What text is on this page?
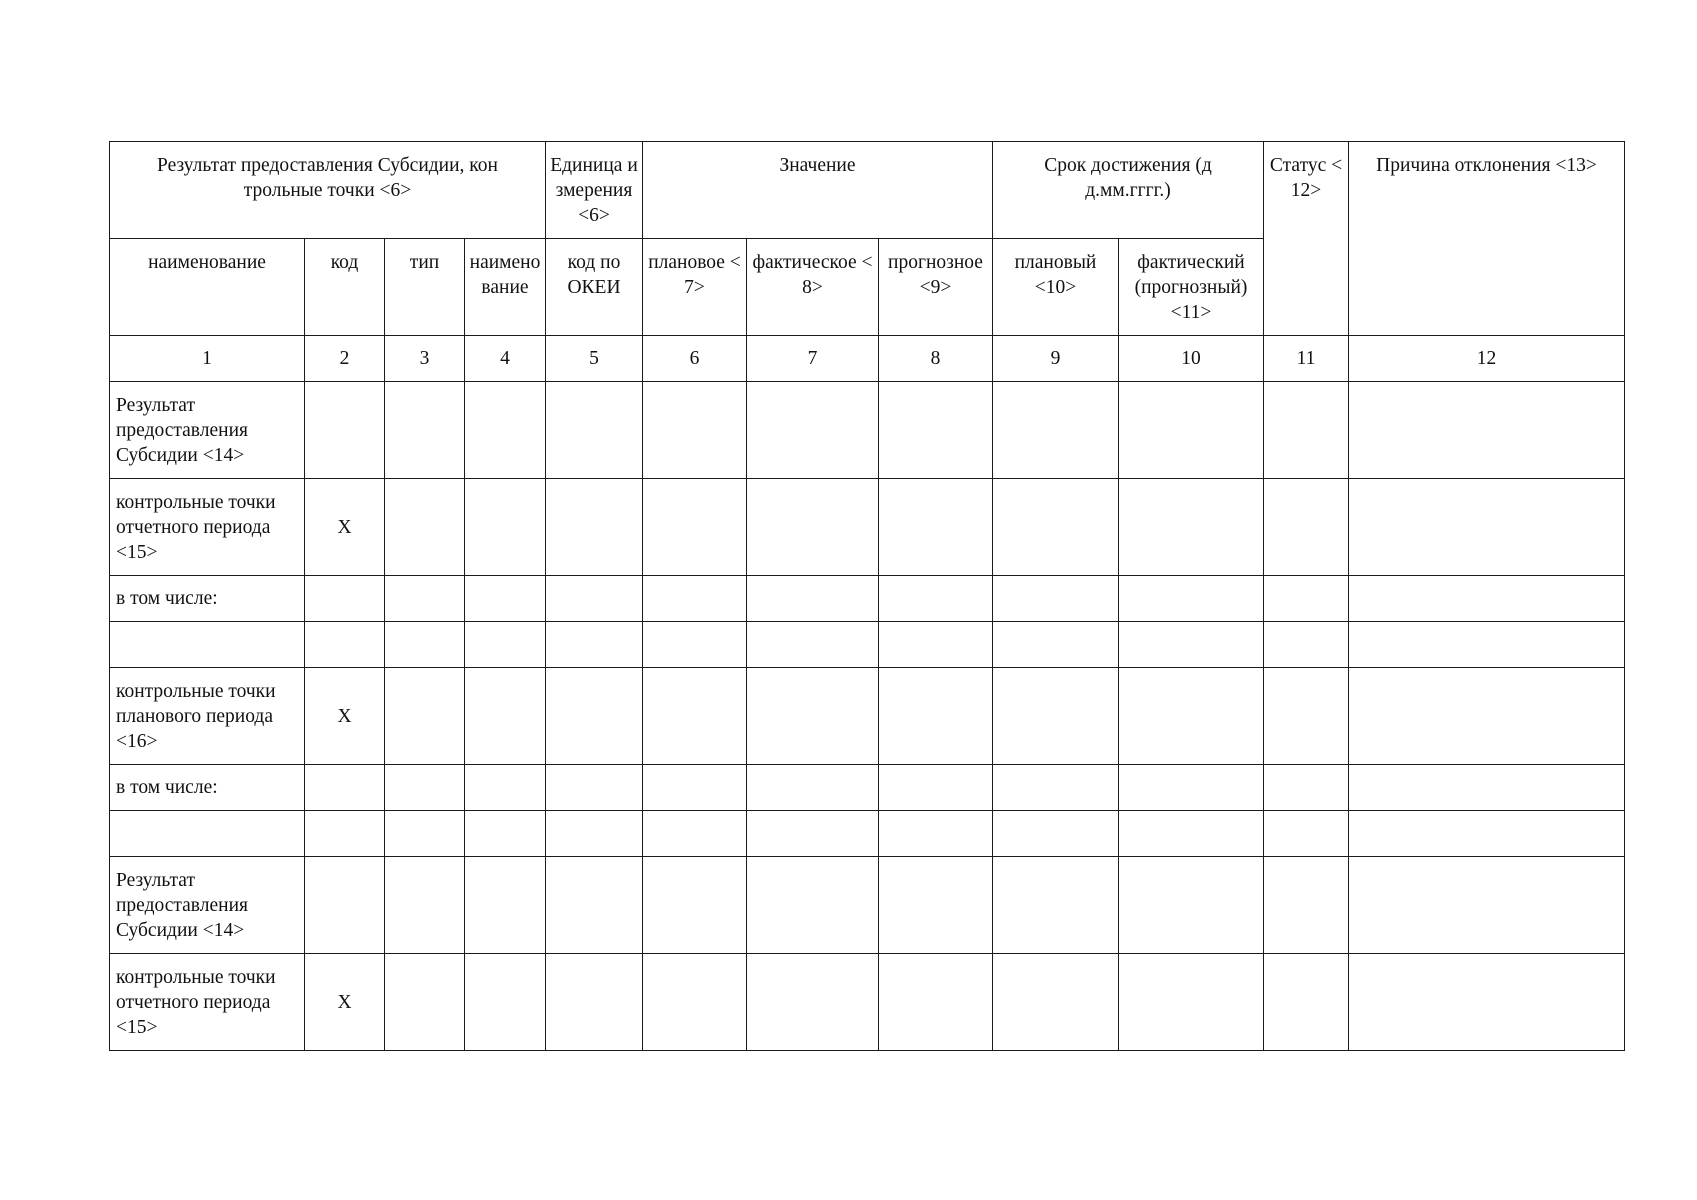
Результат предоставления Субсидии, контрольные точки <6>				Единица измерения <6>	Значение			Срок достижения (дд.мм.гггг.)		Статус <12>	Причина отклонения <13>

наименование	код	тип	наименование	код по ОКЕИ	плановое <7>	фактическое <8>	прогнозное <9>	плановый <10>	фактический (прогнозный) <11>		

1	2	3	4	5	6	7	8	9	10	11	12
Результат предоставления Субсидии <14>											
контрольные точки отчетного периода <15>	X										
в том числе:											

контрольные точки планового периода <16>	X										
в том числе:											

Результат предоставления Субсидии <14>											
контрольные точки отчетного периода <15>	X										
